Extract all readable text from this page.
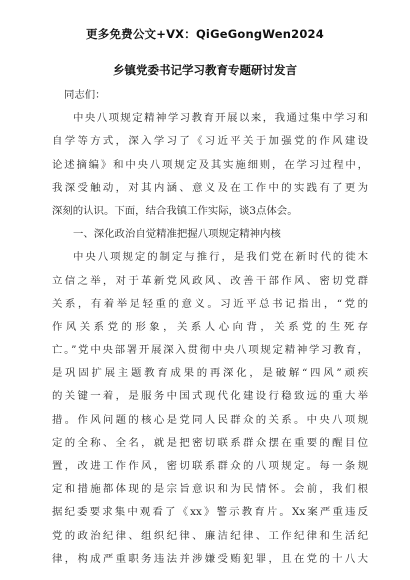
更多免费公文+VX：QiGeGongWen2024
乡镇党委书记学习教育专题研讨发言
同志们：
中央八项规定精神学习教育开展以来，我通过集中学习和
自学等方式，深入学习了《习近平关于加强党的作风建设
论述摘编》和中央八项规定及其实施细则，在学习过程中，
我深受触动，对其内涵、意义及在工作中的实践有了更为
深刻的认识。下面，结合我镇工作实际，谈3点体会。
一、深化政治自觉精准把握八项规定精神内核
中央八项规定的制定与推行，是我们党在新时代的徙木
立信之举，对于革新党风政风、改善干部作风、密切党群
关系，有着举足轻重的意义。习近平总书记指出，“党的
作风关系党的形象，关系人心向背，关系党的生死存
亡。”党中央部署开展深入贯彻中央八项规定精神学习教育，
是巩固扩展主题教育成果的再深化，是破解“四风”顽疾
的关键一着，是服务中国式现代化建设行稳致远的重大举
措。作风问题的核心是党同人民群众的关系。中央八项规
定的全称、全名，就是把密切联系群众摆在重要的醒目位
置，改进工作作风，密切联系群众的八项规定。每一条规
定和措施都体现的是宗旨意识和为民情怀。会前，我们根
据纪委要求集中观看了《xx》警示教育片。Xx案严重违反
党的政治纪律、组织纪律、廉洁纪律、工作纪律和生活纪
律，构成严重职务违法并涉嫌受贿犯罪，且在党的十八大
